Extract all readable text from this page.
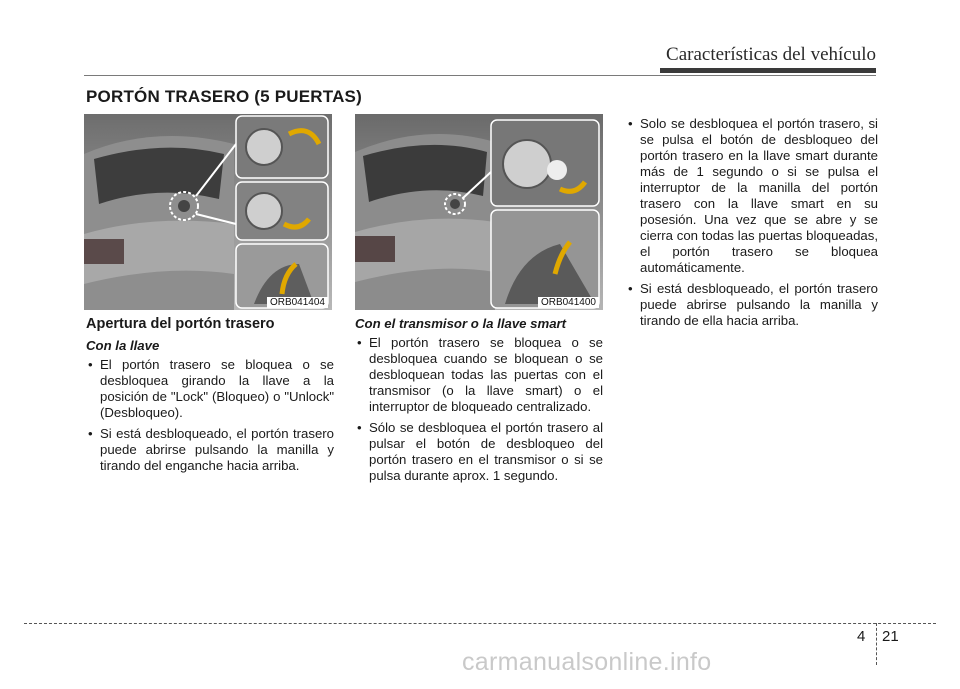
Características del vehículo
PORTÓN TRASERO (5 PUERTAS)
ORB041404	ORB041400

Apertura del portón trasero

Con la llave

• El portón trasero se bloquea o se desbloquea girando la llave a la posición de "Lock" (Bloqueo) o "Unlock" (Desbloqueo).
• Si está desbloqueado, el portón trasero puede abrirse pulsando la manilla y tirando del enganche hacia arriba.

Con el transmisor o la llave smart

• El portón trasero se bloquea o se desbloquea cuando se bloquean o se desbloquean todas las puertas con el transmisor (o la llave smart) o el interruptor de bloqueado centralizado.
• Sólo se desbloquea el portón trasero al pulsar el botón de desbloqueo del portón trasero en el transmisor o si se pulsa durante aprox. 1 segundo.
• Solo se desbloquea el portón trasero, si se pulsa el botón de desbloqueo del portón trasero en la llave smart durante más de 1 segundo o si se pulsa el interruptor de la manilla del portón trasero con la llave smart en su posesión. Una vez que se abre y se cierra con todas las puertas bloqueadas, el portón trasero se bloquea automáticamente.
• Si está desbloqueado, el portón trasero puede abrirse pulsando la manilla y tirando de ella hacia arriba.
4 21
carmanualsonline.info
